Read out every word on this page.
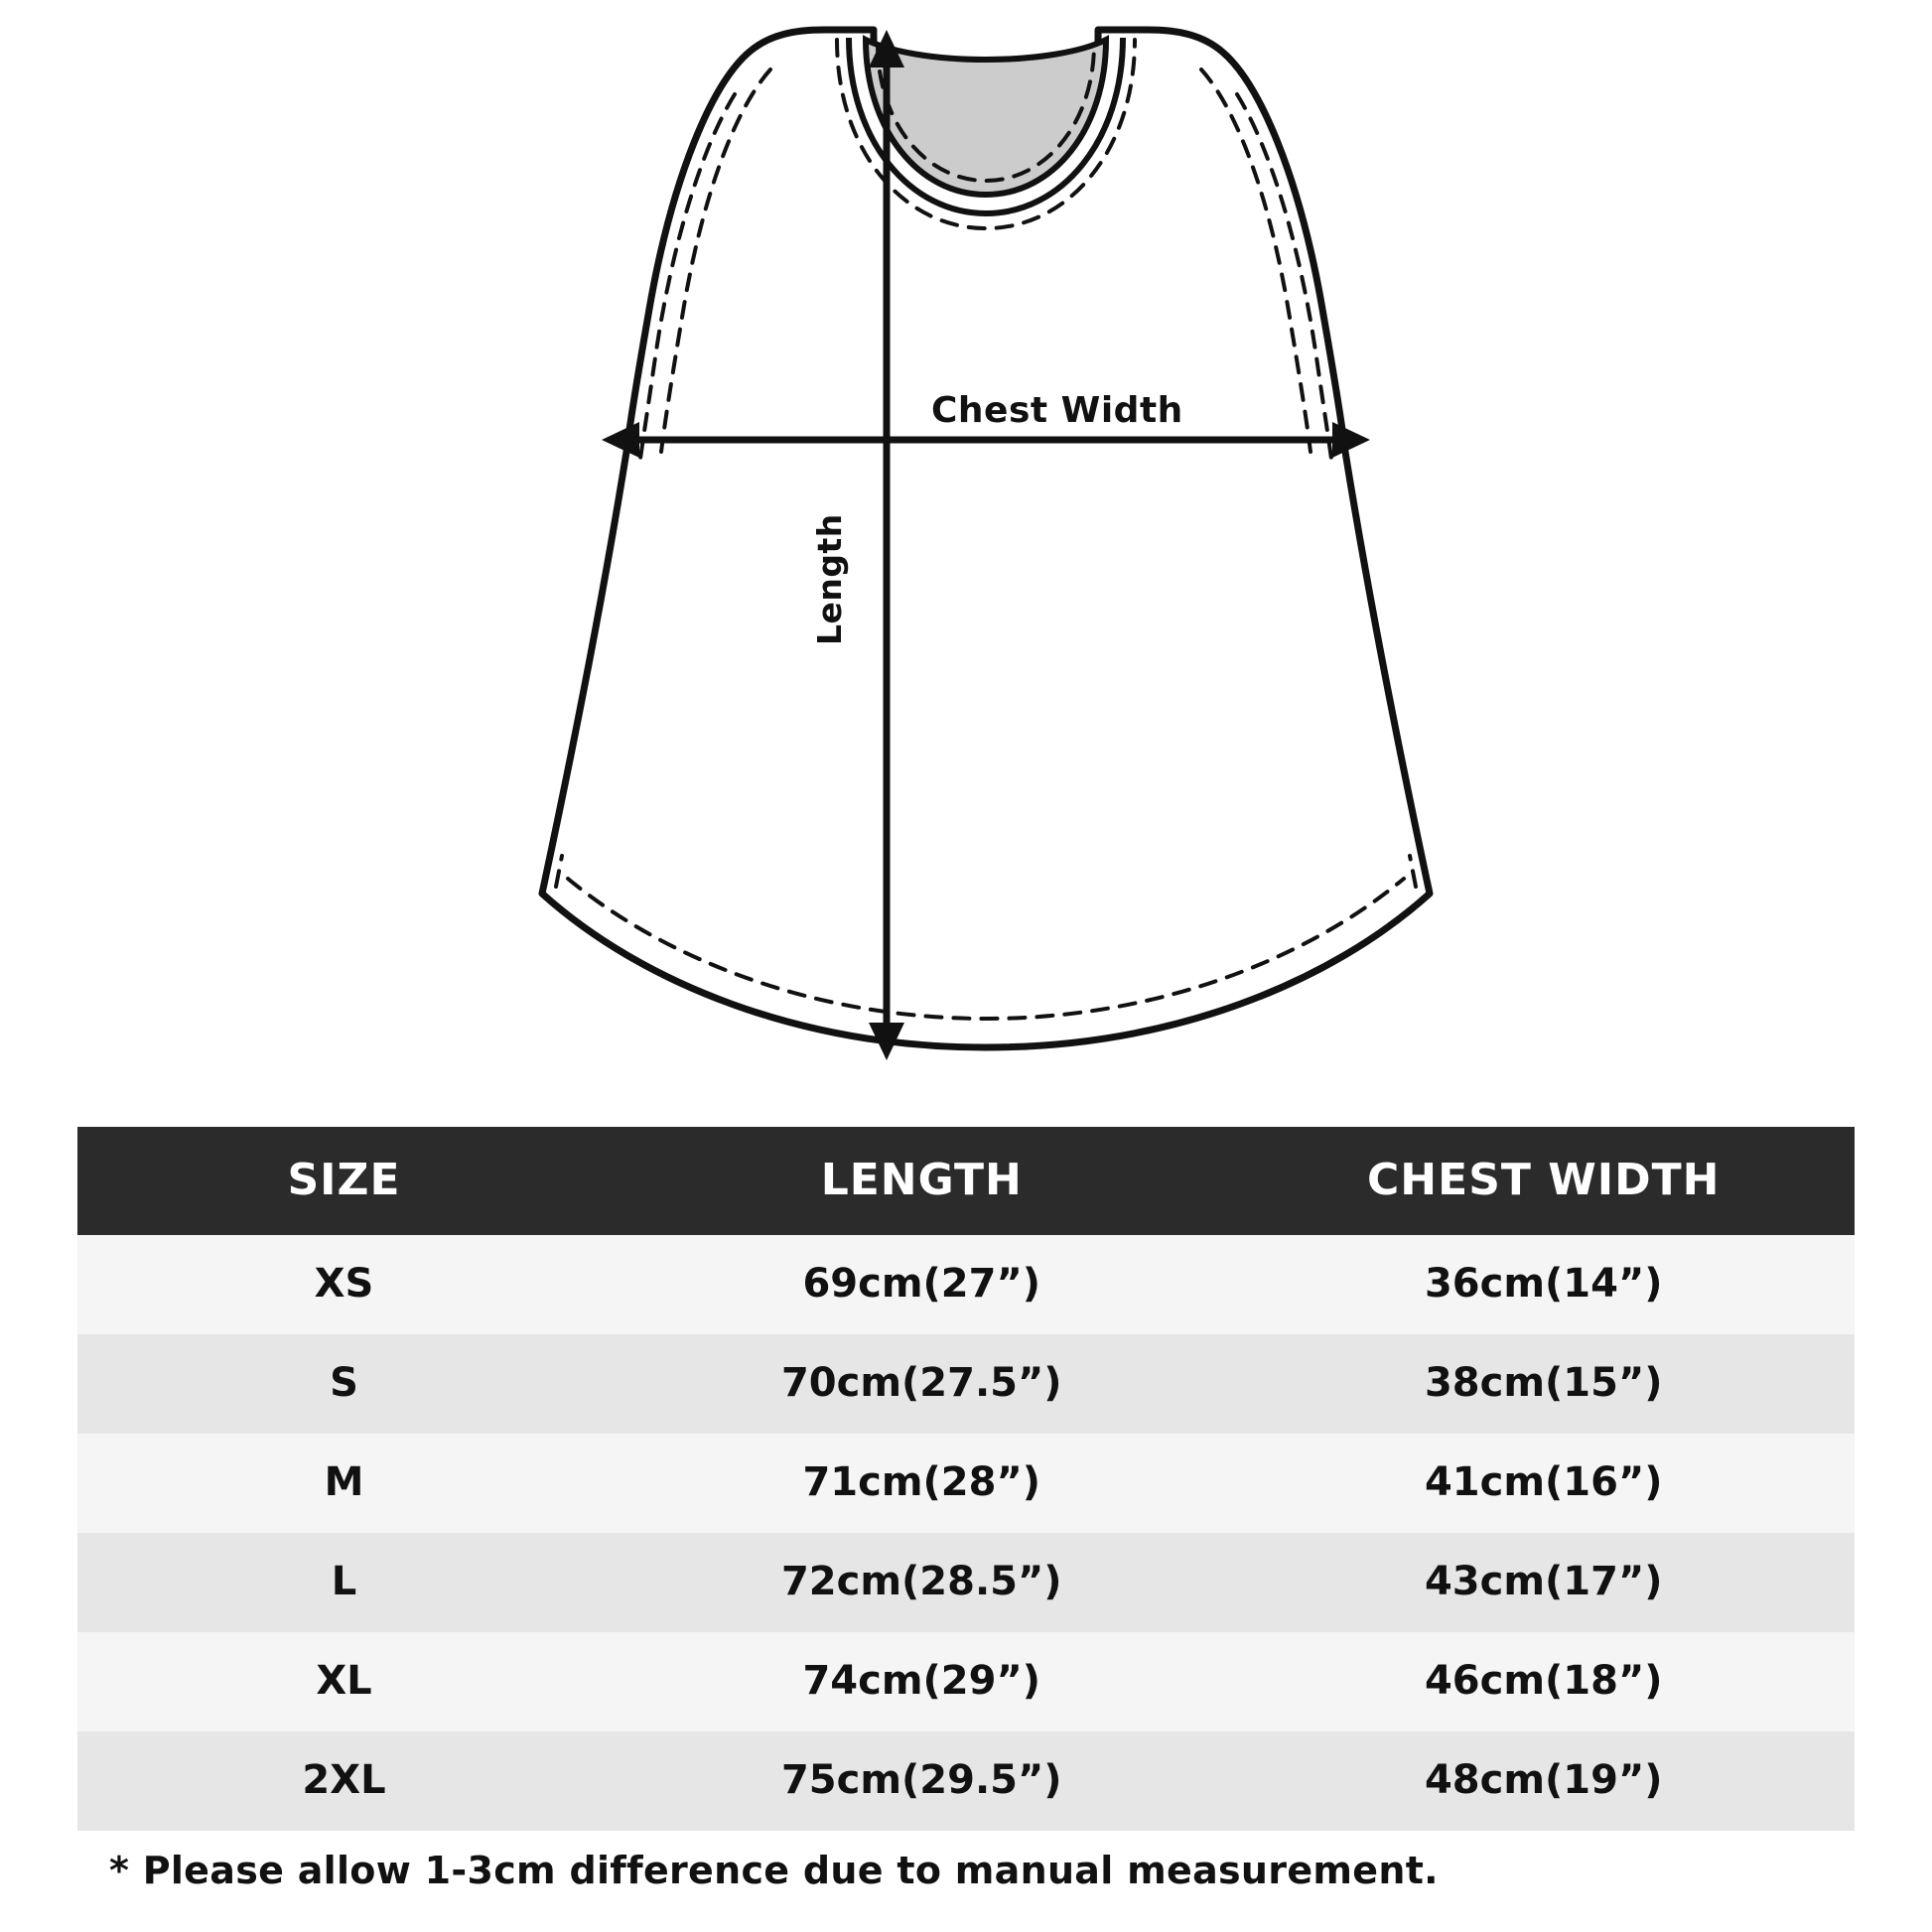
Chest Width
Length
SIZE	LENGTH	CHEST WIDTH
XS	69cm(27”)	36cm(14”)
S	70cm(27.5”)	38cm(15”)
M	71cm(28”)	41cm(16”)
L	72cm(28.5”)	43cm(17”)
XL	74cm(29”)	46cm(18”)
2XL	75cm(29.5”)	48cm(19”)
* Please allow 1-3cm difference due to manual measurement.
